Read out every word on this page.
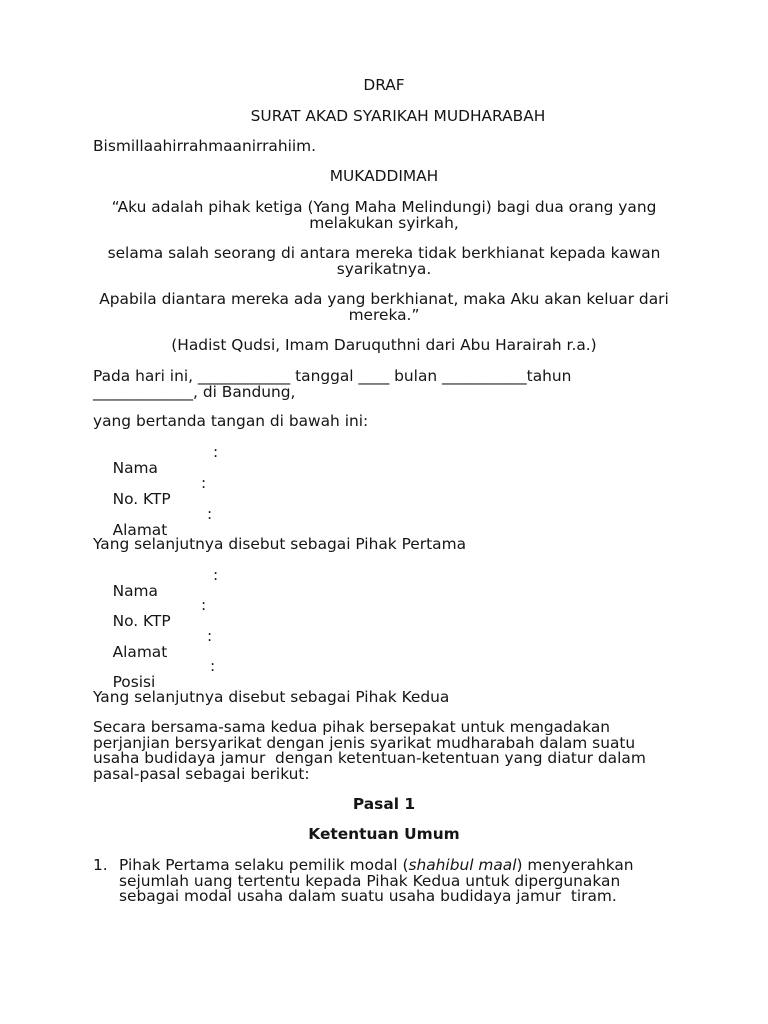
DRAF
SURAT AKAD SYARIKAH MUDHARABAH
Bismillaahirrahmaanirrahiim.
MUKADDIMAH
“Aku adalah pihak ketiga (Yang Maha Melindungi) bagi dua orang yang
melakukan syirkah,
selama salah seorang di antara mereka tidak berkhianat kepada kawan
syarikatnya.
Apabila diantara mereka ada yang berkhianat, maka Aku akan keluar dari
mereka.”
(Hadist Qudsi, Imam Daruquthni dari Abu Harairah r.a.)
Pada hari ini, ____________ tanggal ____ bulan ___________tahun
_____________, di Bandung,
yang bertanda tangan di bawah ini:

Nama
:

No. KTP
:

Alamat
:

Yang selanjutnya disebut sebagai Pihak Pertama

Nama
:

No. KTP
:

Alamat
:

Posisi
:

Yang selanjutnya disebut sebagai Pihak Kedua
Secara bersama-sama kedua pihak bersepakat untuk mengadakan
perjanjian bersyarikat dengan jenis syarikat mudharabah dalam suatu
usaha budidaya jamur  dengan ketentuan-ketentuan yang diatur dalam
pasal-pasal sebagai berikut:
Pasal 1
Ketentuan Umum
1. Pihak Pertama selaku pemilik modal (shahibul maal) menyerahkan
sejumlah uang tertentu kepada Pihak Kedua untuk dipergunakan
sebagai modal usaha dalam suatu usaha budidaya jamur  tiram.
